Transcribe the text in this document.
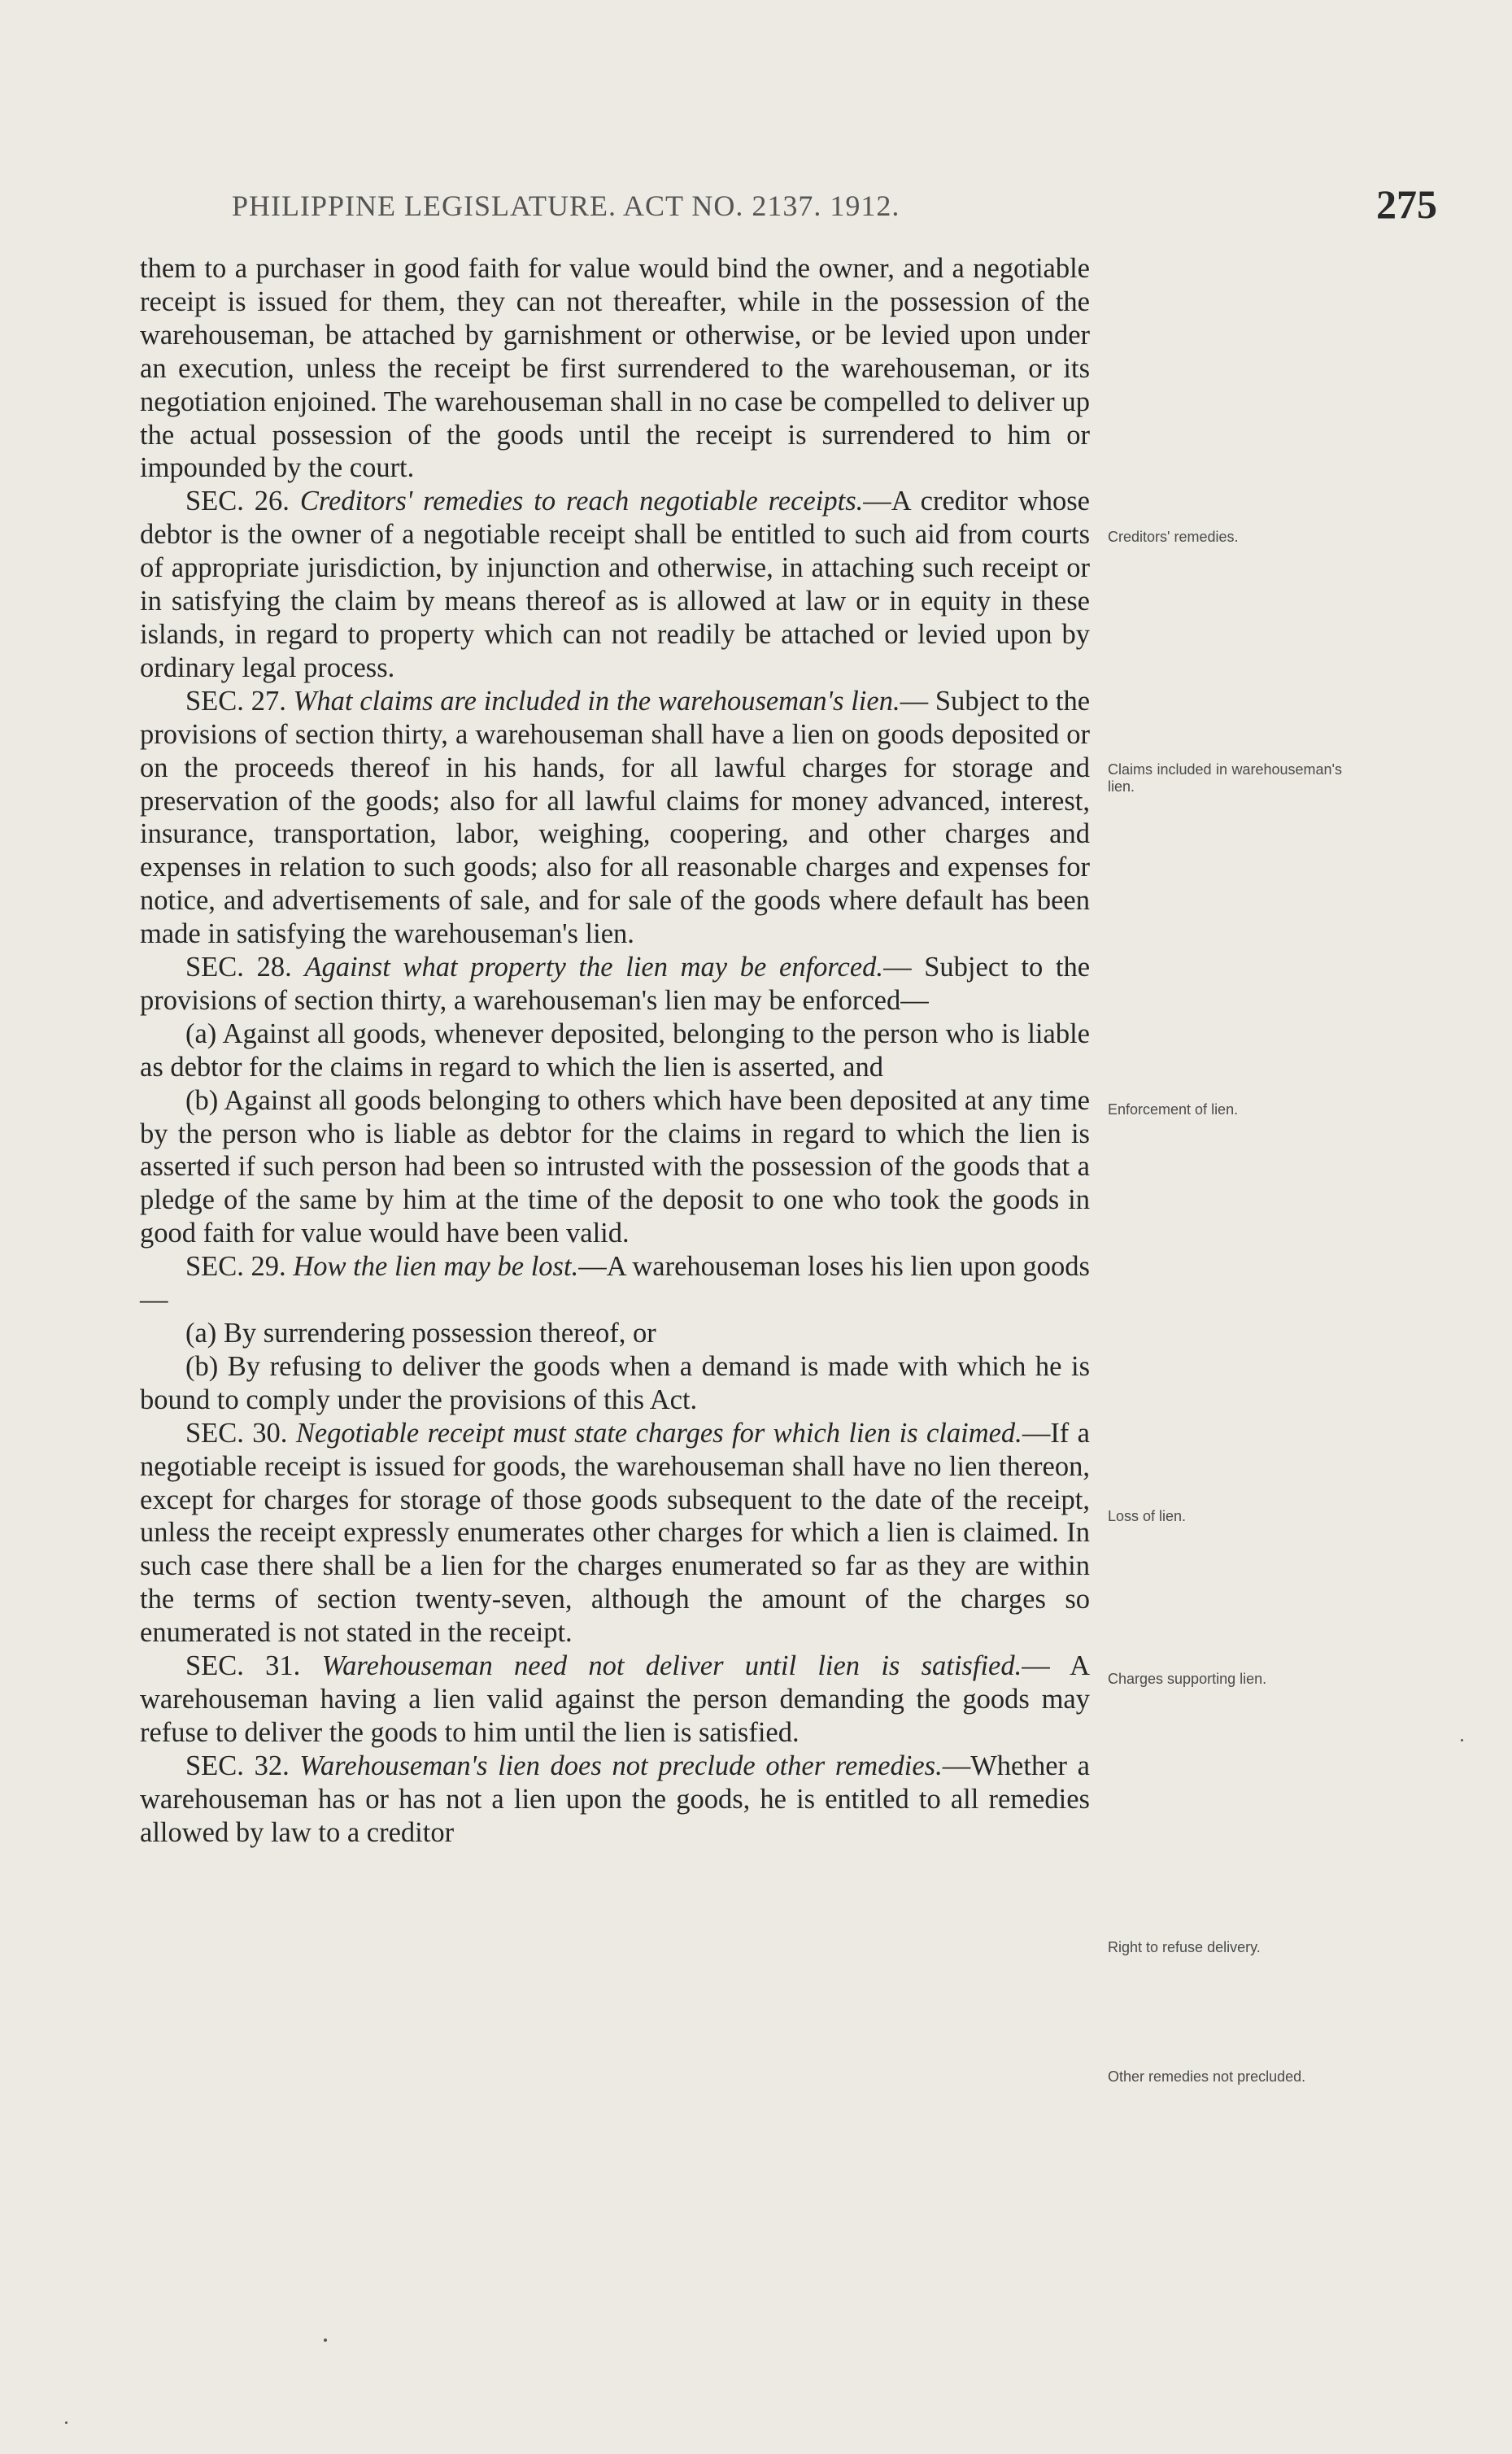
PHILIPPINE LEGISLATURE. ACT NO. 2137. 1912.	275

them to a purchaser in good faith for value would bind the owner, and a negotiable receipt is issued for them, they can not thereafter, while in the possession of the warehouseman, be attached by garnishment or otherwise, or be levied upon under an execution, unless the receipt be first surrendered to the warehouseman, or its negotiation enjoined. The warehouseman shall in no case be compelled to deliver up the actual possession of the goods until the receipt is surrendered to him or impounded by the court.

SEC. 26. Creditors' remedies to reach negotiable receipts.—A creditor whose debtor is the owner of a negotiable receipt shall be entitled to such aid from courts of appropriate jurisdiction, by injunction and otherwise, in attaching such receipt or in satisfying the claim by means thereof as is allowed at law or in equity in these islands, in regard to property which can not readily be attached or levied upon by ordinary legal process.

SEC. 27. What claims are included in the warehouseman's lien.— Subject to the provisions of section thirty, a warehouseman shall have a lien on goods deposited or on the proceeds thereof in his hands, for all lawful charges for storage and preservation of the goods; also for all lawful claims for money advanced, interest, insurance, transportation, labor, weighing, coopering, and other charges and expenses in relation to such goods; also for all reasonable charges and expenses for notice, and advertisements of sale, and for sale of the goods where default has been made in satisfying the warehouseman's lien.

SEC. 28. Against what property the lien may be enforced.— Subject to the provisions of section thirty, a warehouseman's lien may be enforced—

(a) Against all goods, whenever deposited, belonging to the person who is liable as debtor for the claims in regard to which the lien is asserted, and

(b) Against all goods belonging to others which have been deposited at any time by the person who is liable as debtor for the claims in regard to which the lien is asserted if such person had been so intrusted with the possession of the goods that a pledge of the same by him at the time of the deposit to one who took the goods in good faith for value would have been valid.

SEC. 29. How the lien may be lost.—A warehouseman loses his lien upon goods—

(a) By surrendering possession thereof, or

(b) By refusing to deliver the goods when a demand is made with which he is bound to comply under the provisions of this Act.

SEC. 30. Negotiable receipt must state charges for which lien is claimed.—If a negotiable receipt is issued for goods, the warehouseman shall have no lien thereon, except for charges for storage of those goods subsequent to the date of the receipt, unless the receipt expressly enumerates other charges for which a lien is claimed. In such case there shall be a lien for the charges enumerated so far as they are within the terms of section twenty-seven, although the amount of the charges so enumerated is not stated in the receipt.

SEC. 31. Warehouseman need not deliver until lien is satisfied.— A warehouseman having a lien valid against the person demanding the goods may refuse to deliver the goods to him until the lien is satisfied.

SEC. 32. Warehouseman's lien does not preclude other remedies.—Whether a warehouseman has or has not a lien upon the goods, he is entitled to all remedies allowed by law to a creditor

Creditors' remedies.
Claims included in warehouseman's lien.
Enforcement of lien.
Loss of lien.
Charges supporting lien.
Right to refuse delivery.
Other remedies not precluded.
